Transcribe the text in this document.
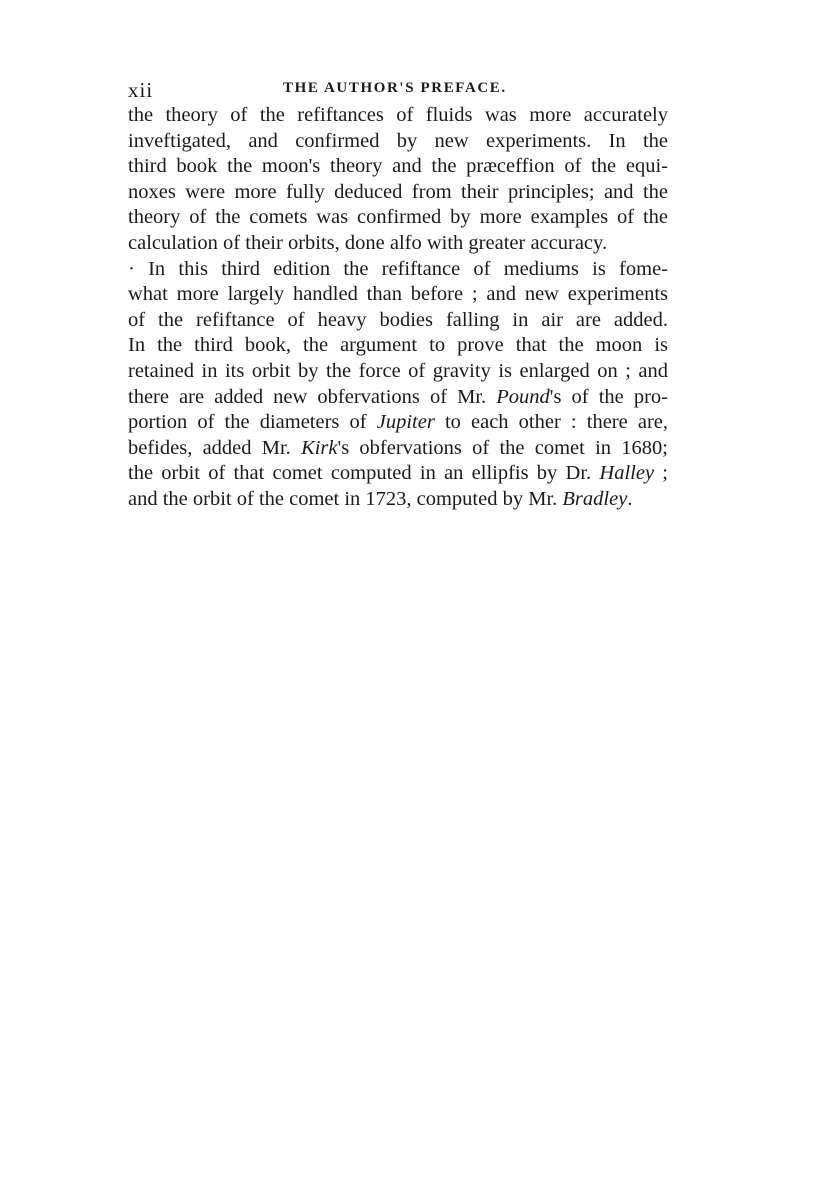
xii	THE AUTHOR'S PREFACE.
the theory of the refiftances of fluids was more accurately
inveftigated, and confirmed by new experiments. In the
third book the moon's theory and the præceffion of the equi-
noxes were more fully deduced from their principles; and the
theory of the comets was confirmed by more examples of the
calculation of their orbits, done alfo with greater accuracy.
· In this third edition the refiftance of mediums is fome-
what more largely handled than before ; and new experiments
of the refiftance of heavy bodies falling in air are added.
In the third book, the argument to prove that the moon is
retained in its orbit by the force of gravity is enlarged on ; and
there are added new obfervations of Mr. Pound's of the pro-
portion of the diameters of Jupiter to each other : there are,
befides, added Mr. Kirk's obfervations of the comet in 1680;
the orbit of that comet computed in an ellipfis by Dr. Halley ;
and the orbit of the comet in 1723, computed by Mr. Bradley.
